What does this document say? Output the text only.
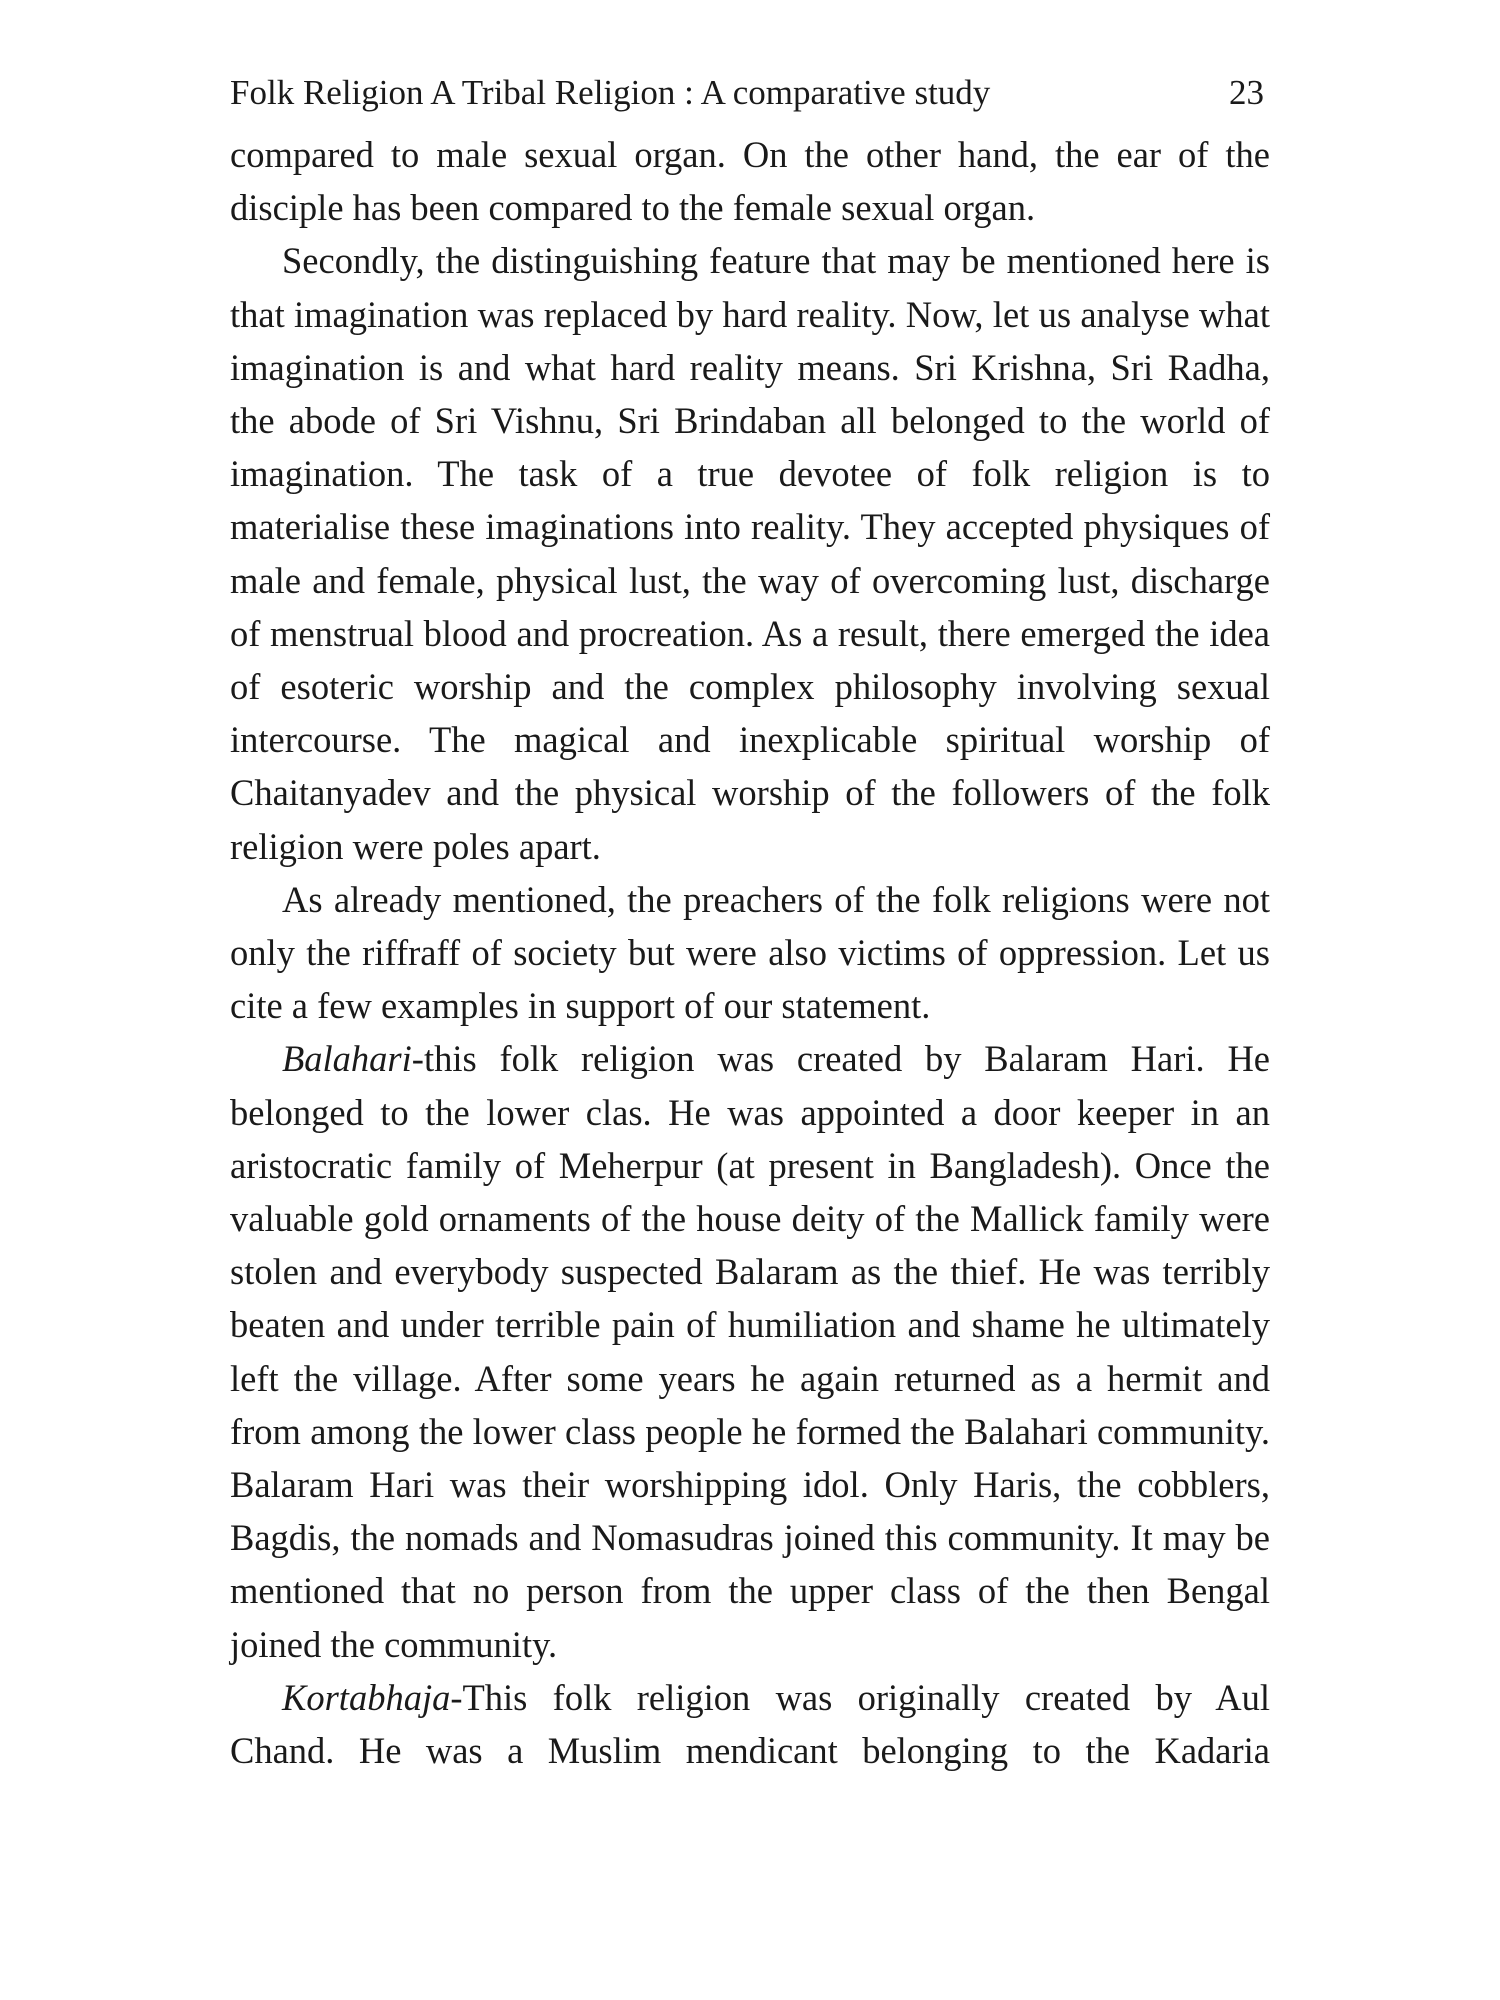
Folk Religion A Tribal Religion : A comparative study	23

compared to male sexual organ. On the other hand, the ear of the disciple has been compared to the female sexual organ.

Secondly, the distinguishing feature that may be mentioned here is that imagination was replaced by hard reality. Now, let us analyse what imagination is and what hard reality means. Sri Krishna, Sri Radha, the abode of Sri Vishnu, Sri Brindaban all belonged to the world of imagination. The task of a true devotee of folk religion is to materialise these imaginations into reality. They accepted physiques of male and female, physical lust, the way of overcoming lust, discharge of menstrual blood and procreation. As a result, there emerged the idea of esoteric worship and the complex philosophy involving sexual intercourse. The magical and inexplicable spiritual worship of Chaitanyadev and the physical worship of the followers of the folk religion were poles apart.

As already mentioned, the preachers of the folk religions were not only the riffraff of society but were also victims of oppression. Let us cite a few examples in support of our statement.

Balahari-this folk religion was created by Balaram Hari. He belonged to the lower clas. He was appointed a door keeper in an aristocratic family of Meherpur (at present in Bangladesh). Once the valuable gold ornaments of the house deity of the Mallick family were stolen and everybody suspected Balaram as the thief. He was terribly beaten and under terrible pain of humiliation and shame he ultimately left the village. After some years he again returned as a hermit and from among the lower class people he formed the Balahari community. Balaram Hari was their worshipping idol. Only Haris, the cobblers, Bagdis, the nomads and Nomasudras joined this community. It may be mentioned that no person from the upper class of the then Bengal joined the community.

Kortabhaja-This folk religion was originally created by Aul Chand. He was a Muslim mendicant belonging to the Kadaria
